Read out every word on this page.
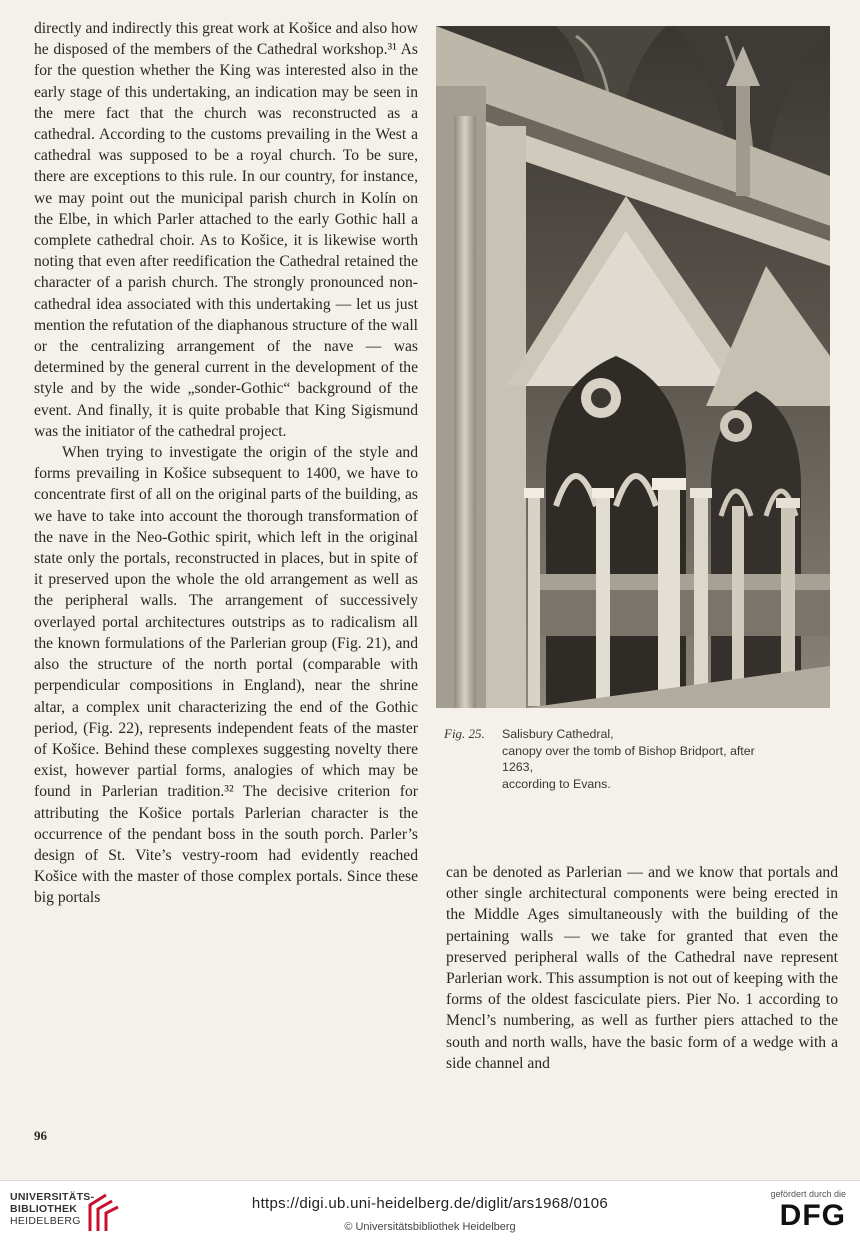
directly and indirectly this great work at Košice and also how he disposed of the members of the Cathedral workshop.³¹ As for the question whether the King was interested also in the early stage of this undertaking, an indication may be seen in the mere fact that the church was reconstructed as a cathedral. According to the customs prevailing in the West a cathedral was supposed to be a royal church. To be sure, there are exceptions to this rule. In our country, for instance, we may point out the municipal parish church in Kolín on the Elbe, in which Parler attached to the early Gothic hall a complete cathedral choir. As to Košice, it is likewise worth noting that even after reedification the Cathedral retained the character of a parish church. The strongly pronounced non-cathedral idea associated with this undertaking — let us just mention the refutation of the diaphanous structure of the wall or the centralizing arrangement of the nave — was determined by the general current in the development of the style and by the wide „sonder-Gothic“ background of the event. And finally, it is quite probable that King Sigismund was the initiator of the cathedral project.

When trying to investigate the origin of the style and forms prevailing in Košice subsequent to 1400, we have to concentrate first of all on the original parts of the building, as we have to take into account the thorough transformation of the nave in the Neo-Gothic spirit, which left in the original state only the portals, reconstructed in places, but in spite of it preserved upon the whole the old arrangement as well as the peripheral walls. The arrangement of successively overlayed portal architectures outstrips as to radicalism all the known formulations of the Parlerian group (Fig. 21), and also the structure of the north portal (comparable with perpendicular compositions in England), near the shrine altar, a complex unit characterizing the end of the Gothic period, (Fig. 22), represents independent feats of the master of Košice. Behind these complexes suggesting novelty there exist, however partial forms, analogies of which may be found in Parlerian tradition.³² The decisive criterion for attributing the Košice portals Parlerian character is the occurrence of the pendant boss in the south porch. Parler’s design of St. Vite’s vestry-room had evidently reached Košice with the master of those complex portals. Since these big portals

Fig. 25. Salisbury Cathedral,
canopy over the tomb of Bishop Bridport, after
1263,
according to Evans.

can be denoted as Parlerian — and we know that portals and other single architectural components were being erected in the Middle Ages simultaneously with the building of the pertaining walls — we take for granted that even the preserved peripheral walls of the Cathedral nave represent Parlerian work. This assumption is not out of keeping with the forms of the oldest fasciculate piers. Pier No. 1 according to Mencl’s numbering, as well as further piers attached to the south and north walls, have the basic form of a wedge with a side channel and

96
UNIVERSITÄTS-
BIBLIOTHEK
HEIDELBERG
https://digi.ub.uni-heidelberg.de/diglit/ars1968/0106
© Universitätsbibliothek Heidelberg
gefördert durch die
DFG
